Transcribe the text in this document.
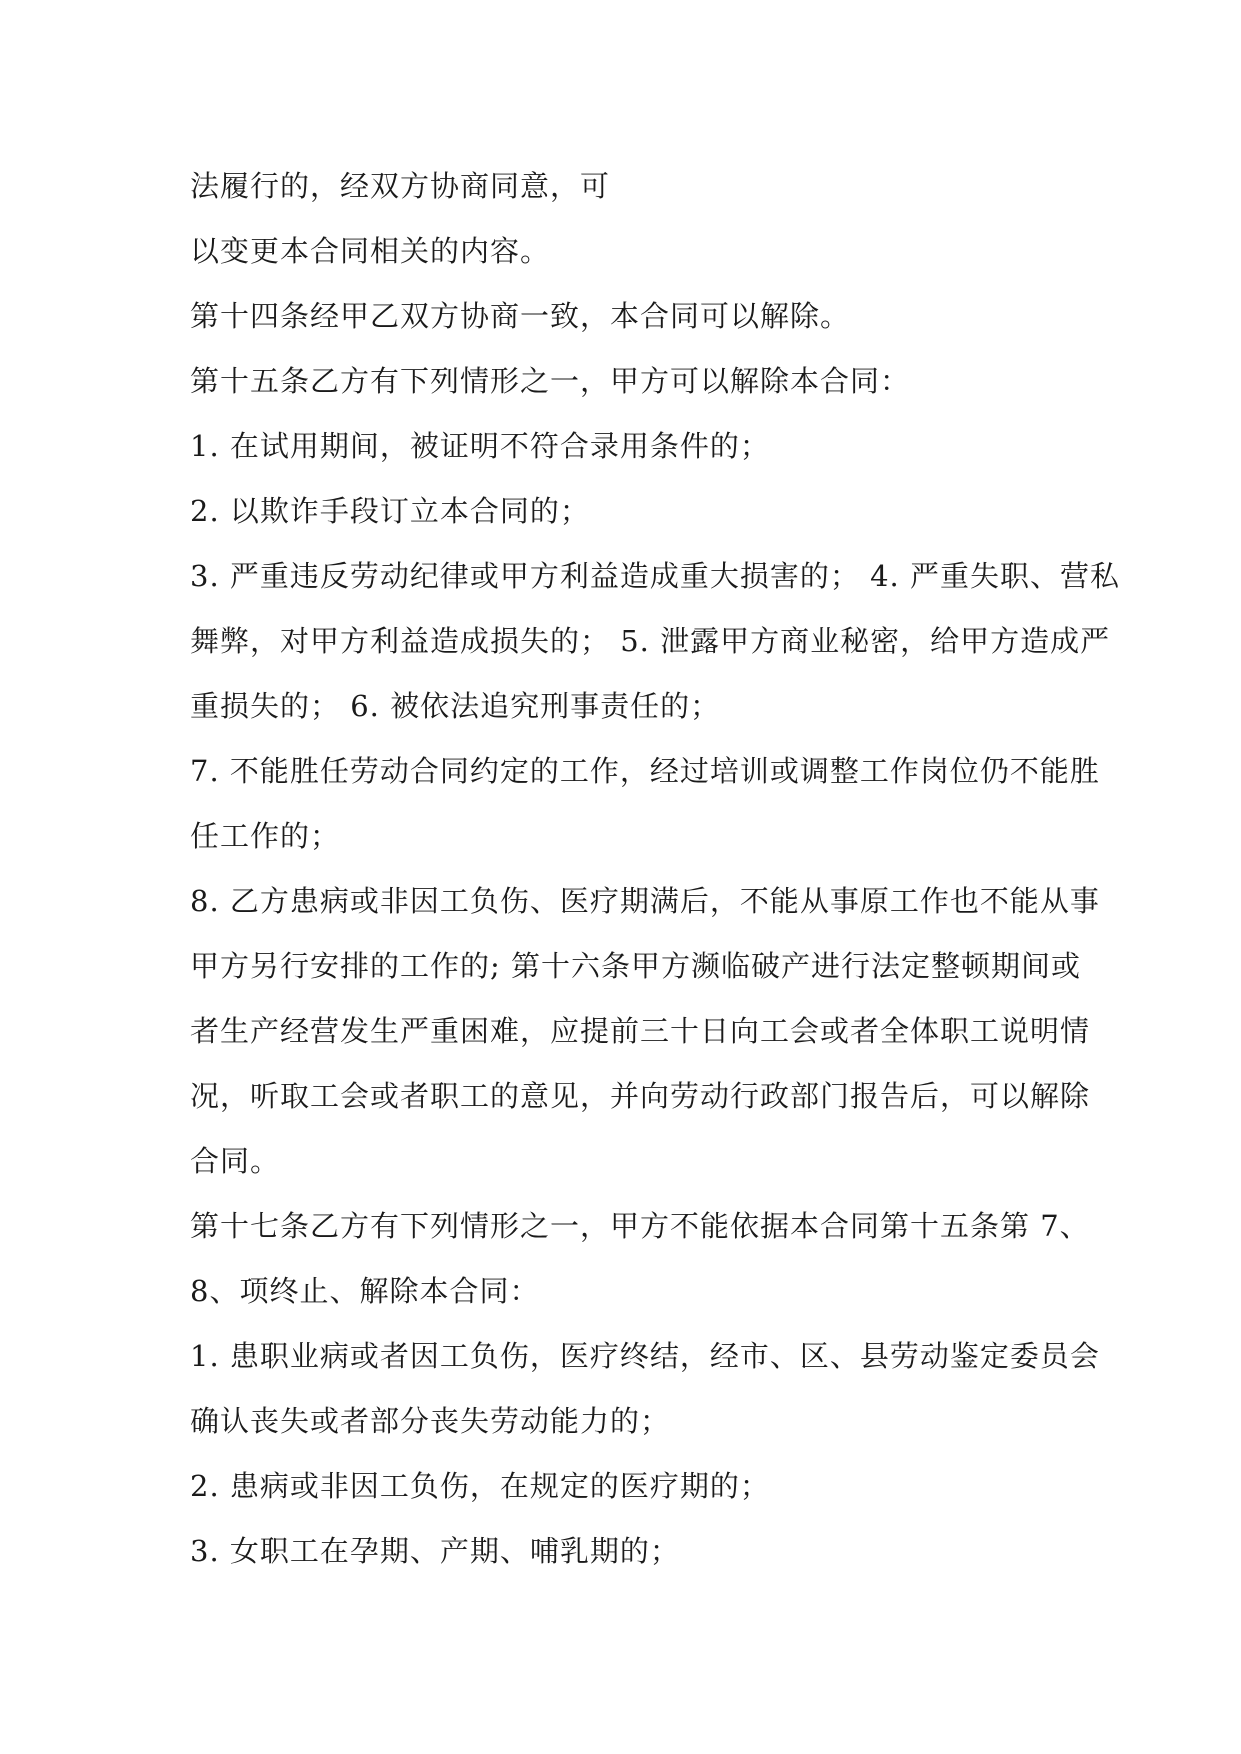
法履行的，经双方协商同意，可
以变更本合同相关的内容。
第十四条经甲乙双方协商一致，本合同可以解除。
第十五条乙方有下列情形之一，甲方可以解除本合同：
1. 在试用期间，被证明不符合录用条件的；
2. 以欺诈手段订立本合同的；
3. 严重违反劳动纪律或甲方利益造成重大损害的； 4. 严重失职、营私
舞弊，对甲方利益造成损失的； 5. 泄露甲方商业秘密，给甲方造成严
重损失的； 6. 被依法追究刑事责任的；
7. 不能胜任劳动合同约定的工作，经过培训或调整工作岗位仍不能胜
任工作的；
8. 乙方患病或非因工负伤、医疗期满后，不能从事原工作也不能从事
甲方另行安排的工作的; 第十六条甲方濒临破产进行法定整顿期间或
者生产经营发生严重困难，应提前三十日向工会或者全体职工说明情
况，听取工会或者职工的意见，并向劳动行政部门报告后，可以解除
合同。
第十七条乙方有下列情形之一，甲方不能依据本合同第十五条第 7、
8、项终止、解除本合同：
1. 患职业病或者因工负伤，医疗终结，经市、区、县劳动鉴定委员会
确认丧失或者部分丧失劳动能力的；
2. 患病或非因工负伤，在规定的医疗期的；
3. 女职工在孕期、产期、哺乳期的；
